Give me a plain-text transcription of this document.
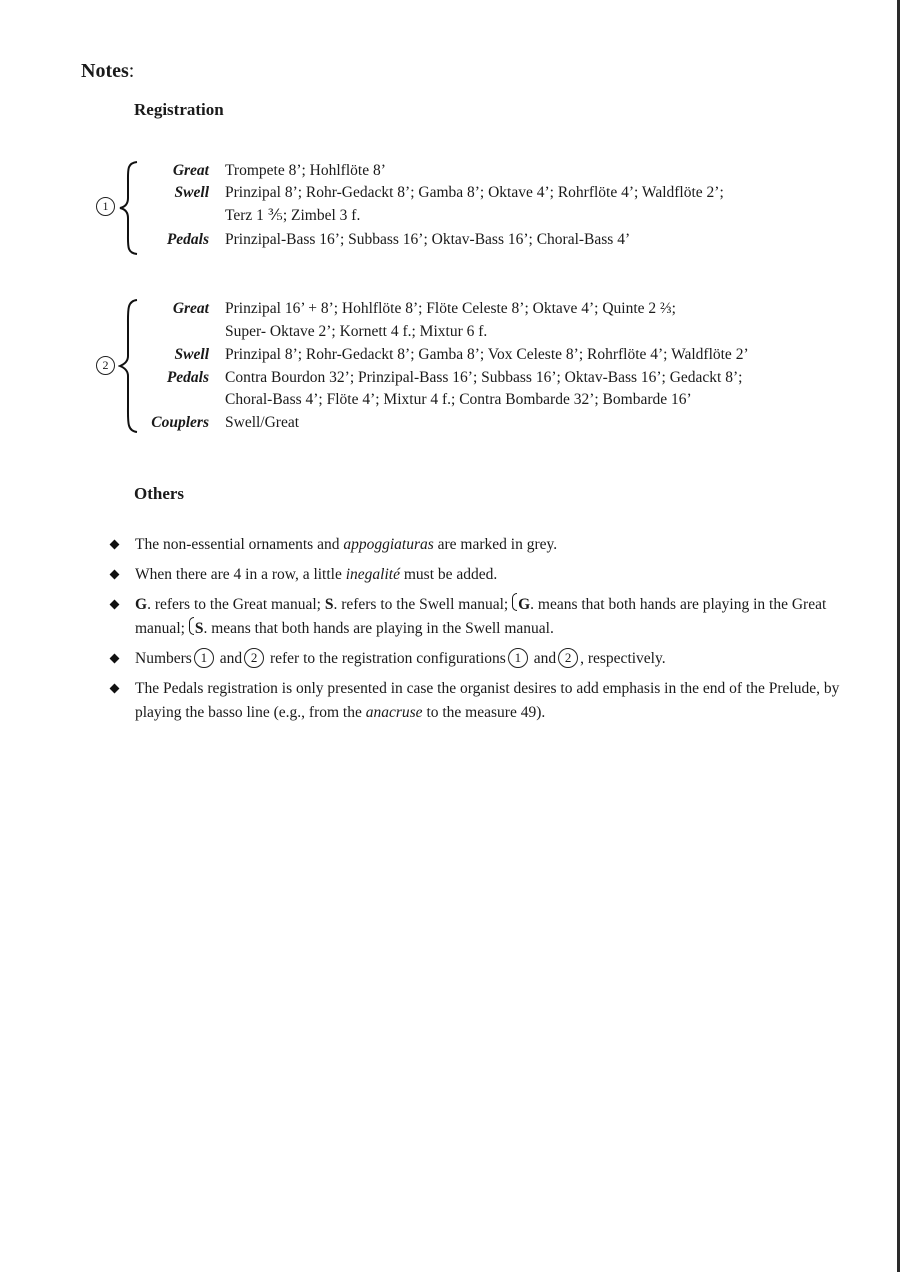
Notes:
Registration
1
Great Trompete 8’; Hohlflöte 8’
Swell Prinzipal 8’; Rohr-Gedackt 8’; Gamba 8’; Oktave 4’; Rohrflöte 4’; Waldflöte 2’;
Terz 1 ⅗; Zimbel 3 f.
Pedals Prinzipal-Bass 16’; Subbass 16’; Oktav-Bass 16’; Choral-Bass 4’
2
Great Prinzipal 16’ + 8’; Hohlflöte 8’; Flöte Celeste 8’; Oktave 4’; Quinte 2 ⅔;
Super- Oktave 2’; Kornett 4 f.; Mixtur 6 f.
Swell Prinzipal 8’; Rohr-Gedackt 8’; Gamba 8’; Vox Celeste 8’; Rohrflöte 4’; Waldflöte 2’
Pedals Contra Bourdon 32’; Prinzipal-Bass 16’; Subbass 16’; Oktav-Bass 16’; Gedackt 8’;
Choral-Bass 4’; Flöte 4’; Mixtur 4 f.; Contra Bombarde 32’; Bombarde 16’
Couplers Swell/Great
Others
The non-essential ornaments and appoggiaturas are marked in grey.
When there are 4 in a row, a little inegalité must be added.
G. refers to the Great manual; S. refers to the Swell manual; G. means that both hands are playing in the Great manual; S. means that both hands are playing in the Swell manual.
Numbers 1 and 2 refer to the registration configurations 1 and 2 , respectively.
The Pedals registration is only presented in case the organist desires to add emphasis in the end of the Prelude, by playing the basso line (e.g., from the anacruse to the measure 49).
